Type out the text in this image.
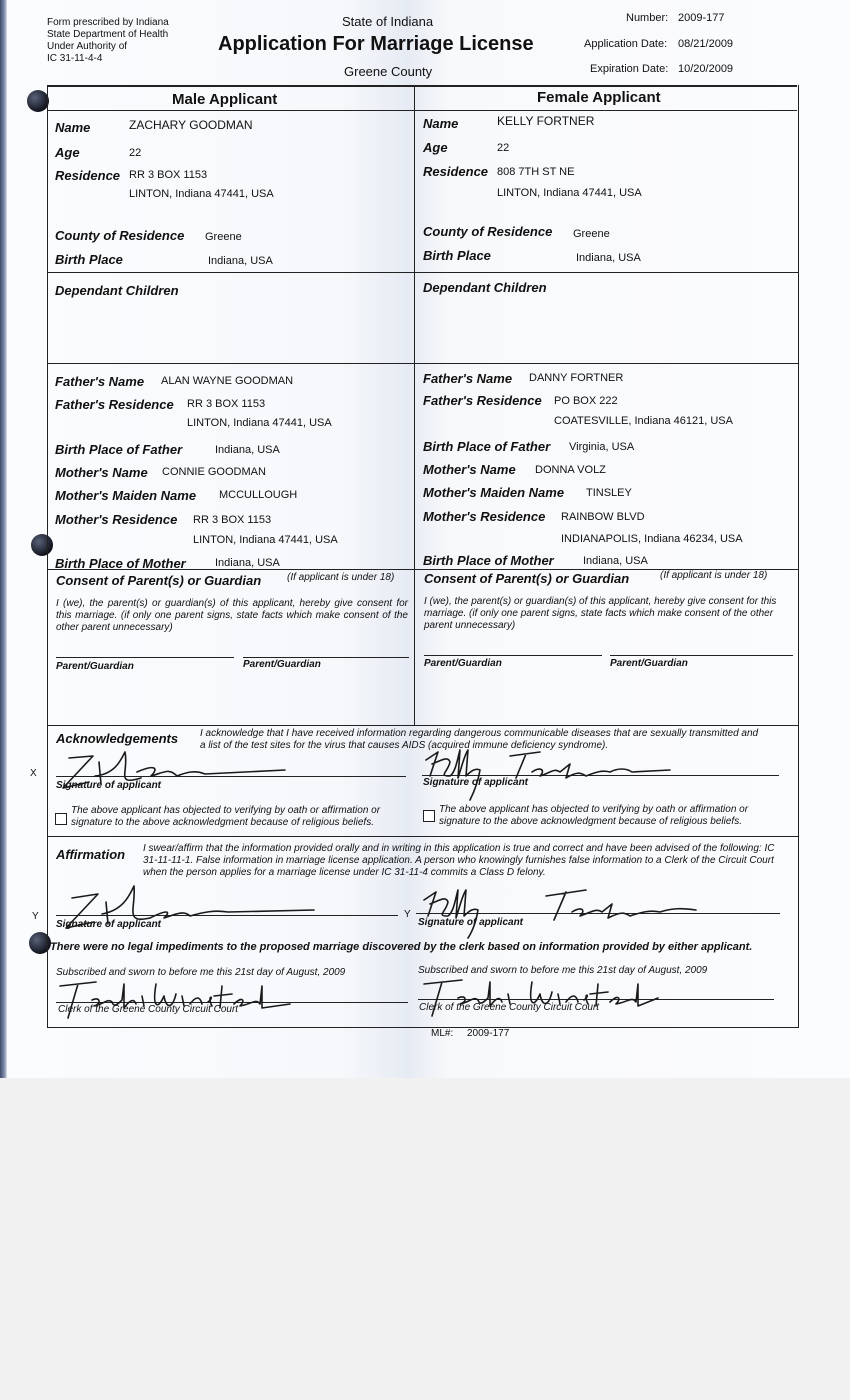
Form prescribed by Indiana
State Department of Health
Under Authority of
IC 31-11-4-4
State of Indiana
Application For Marriage License
Greene County
Number: 2009-177
Application Date: 08/21/2009
Expiration Date: 10/20/2009
Male Applicant	Female Applicant
Name	ZACHARY GOODMAN
Age	22
Residence RR 3 BOX 1153
LINTON, Indiana 47441, USA
County of Residence Greene
Birth Place	Indiana, USA
Dependant Children
Father's Name ALAN WAYNE GOODMAN
Father's Residence RR 3 BOX 1153
LINTON, Indiana 47441, USA
Birth Place of Father	Indiana, USA
Mother's Name CONNIE GOODMAN
Mother's Maiden Name MCCULLOUGH
Mother's Residence RR 3 BOX 1153
LINTON, Indiana 47441, USA
Birth Place of Mother	Indiana, USA
Name	KELLY FORTNER
Age	22
Residence 808 7TH ST NE
LINTON, Indiana 47441, USA
County of Residence Greene
Birth Place	Indiana, USA
Dependant Children
Father's Name DANNY FORTNER
Father's Residence PO BOX 222
COATESVILLE, Indiana 46121, USA
Birth Place of Father Virginia, USA
Mother's Name DONNA VOLZ
Mother's Maiden Name TINSLEY
Mother's Residence RAINBOW BLVD
INDIANAPOLIS, Indiana 46234, USA
Birth Place of Mother	Indiana, USA
Consent of Parent(s) or Guardian	(If applicant is under 18)
I (we), the parent(s) or guardian(s) of this applicant, hereby give consent for this marriage. (if only one parent signs, state facts which make consent of the other parent unnecessary)
Parent/Guardian	Parent/Guardian
Consent of Parent(s) or Guardian	(If applicant is under 18)
I (we), the parent(s) or guardian(s) of this applicant, hereby give consent for this marriage. (if only one parent signs, state facts which make consent of the other parent unnecessary)
Parent/Guardian	Parent/Guardian
Acknowledgements I acknowledge that I have received information regarding dangerous communicable diseases that are sexually transmitted and a list of the test sites for the virus that causes AIDS (acquired immune deficiency syndrome).
X
Signature of applicant	Signature of applicant
The above applicant has objected to verifying by oath or affirmation or signature to the above acknowledgment because of religious beliefs.
The above applicant has objected to verifying by oath or affirmation or signature to the above acknowledgment because of religious beliefs.
Affirmation I swear/affirm that the information provided orally and in writing in this application is true and correct and have been advised of the following: IC 31-11-11-1. False information in marriage license application. A person who knowingly furnishes false information to a Clerk of the Circuit Court when the person applies for a marriage license under IC 31-11-4 commits a Class D felony.
Y
Signature of applicant
Y
Signature of applicant
There were no legal impediments to the proposed marriage discovered by the clerk based on information provided by either applicant.
Subscribed and sworn to before me this 21st day of August, 2009	Subscribed and sworn to before me this 21st day of August, 2009
Clerk of the Greene County Circuit Court	Clerk of the Greene County Circuit Court
ML#: 2009-177
